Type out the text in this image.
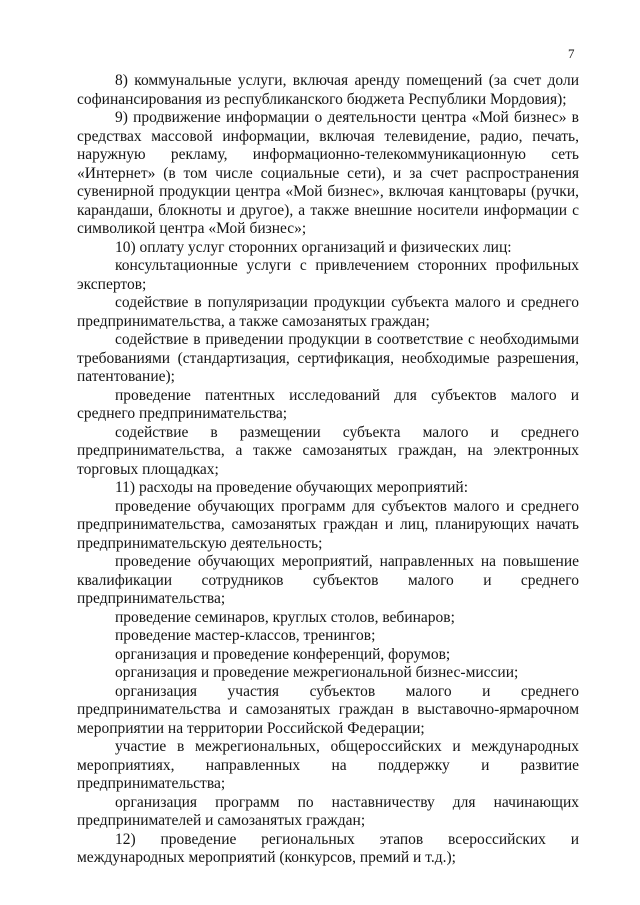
7

8) коммунальные услуги, включая аренду помещений (за счет доли софинансирования из республиканского бюджета Республики Мордовия);

9) продвижение информации о деятельности центра «Мой бизнес» в средствах массовой информации, включая телевидение, радио, печать, наружную рекламу, информационно-телекоммуникационную сеть «Интернет» (в том числе социальные сети), и за счет распространения сувенирной продукции центра «Мой бизнес», включая канцтовары (ручки, карандаши, блокноты и другое), а также внешние носители информации с символикой центра «Мой бизнес»;

10) оплату услуг сторонних организаций и физических лиц:

консультационные услуги с привлечением сторонних профильных экспертов;

содействие в популяризации продукции субъекта малого и среднего предпринимательства, а также самозанятых граждан;

содействие в приведении продукции в соответствие с необходимыми требованиями (стандартизация, сертификация, необходимые разрешения, патентование);

проведение патентных исследований для субъектов малого и среднего предпринимательства;

содействие в размещении субъекта малого и среднего предпринимательства, а также самозанятых граждан, на электронных торговых площадках;

11) расходы на проведение обучающих мероприятий:

проведение обучающих программ для субъектов малого и среднего предпринимательства, самозанятых граждан и лиц, планирующих начать предпринимательскую деятельность;

проведение обучающих мероприятий, направленных на повышение квалификации сотрудников субъектов малого и среднего предпринимательства;

проведение семинаров, круглых столов, вебинаров;

проведение мастер-классов, тренингов;

организация и проведение конференций, форумов;

организация и проведение межрегиональной бизнес-миссии;

организация участия субъектов малого и среднего предпринимательства и самозанятых граждан в выставочно-ярмарочном мероприятии на территории Российской Федерации;

участие в межрегиональных, общероссийских и международных мероприятиях, направленных на поддержку и развитие предпринимательства;

организация программ по наставничеству для начинающих предпринимателей и самозанятых граждан;

12) проведение региональных этапов всероссийских и международных мероприятий (конкурсов, премий и т.д.);
